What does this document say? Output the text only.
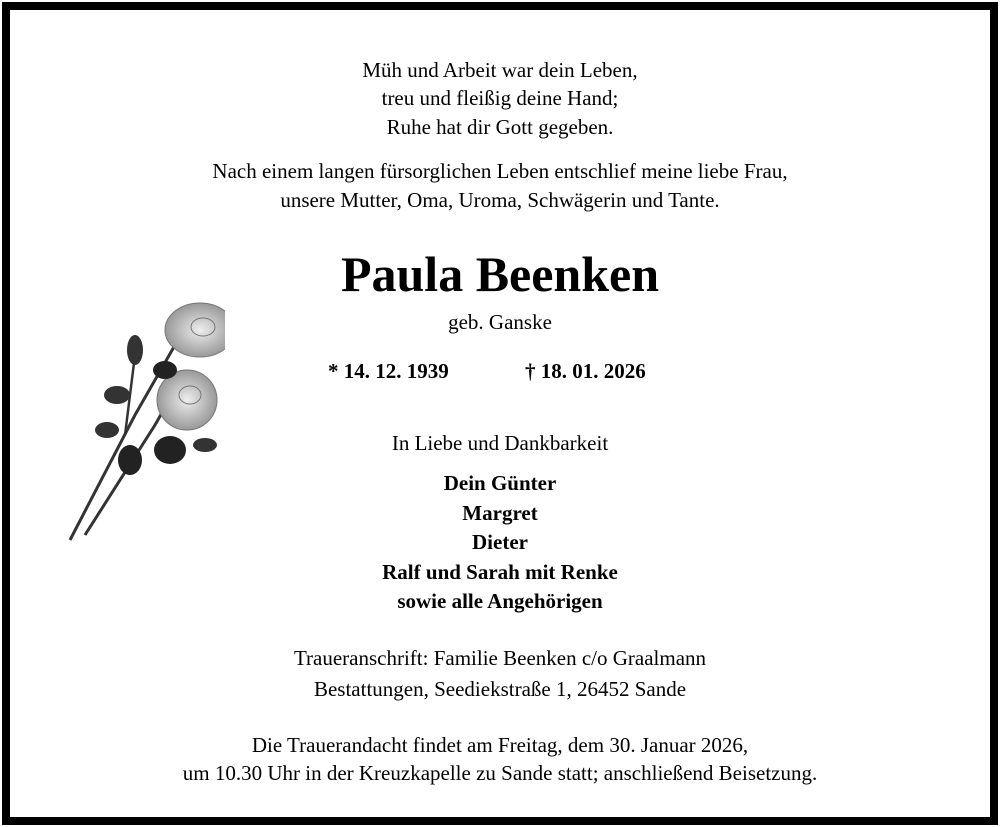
Müh und Arbeit war dein Leben,
treu und fleißig deine Hand;
Ruhe hat dir Gott gegeben.
Nach einem langen fürsorglichen Leben entschlief meine liebe Frau,
unsere Mutter, Oma, Uroma, Schwägerin und Tante.
Paula Beenken
geb. Ganske
* 14. 12. 1939	† 18. 01. 2026
In Liebe und Dankbarkeit
Dein Günter
Margret
Dieter
Ralf und Sarah mit Renke
sowie alle Angehörigen
Traueranschrift: Familie Beenken c/o Graalmann
Bestattungen, Seediekstraße 1, 26452 Sande
Die Trauerandacht findet am Freitag, dem 30. Januar 2026,
um 10.30 Uhr in der Kreuzkapelle zu Sande statt; anschließend Beisetzung.
